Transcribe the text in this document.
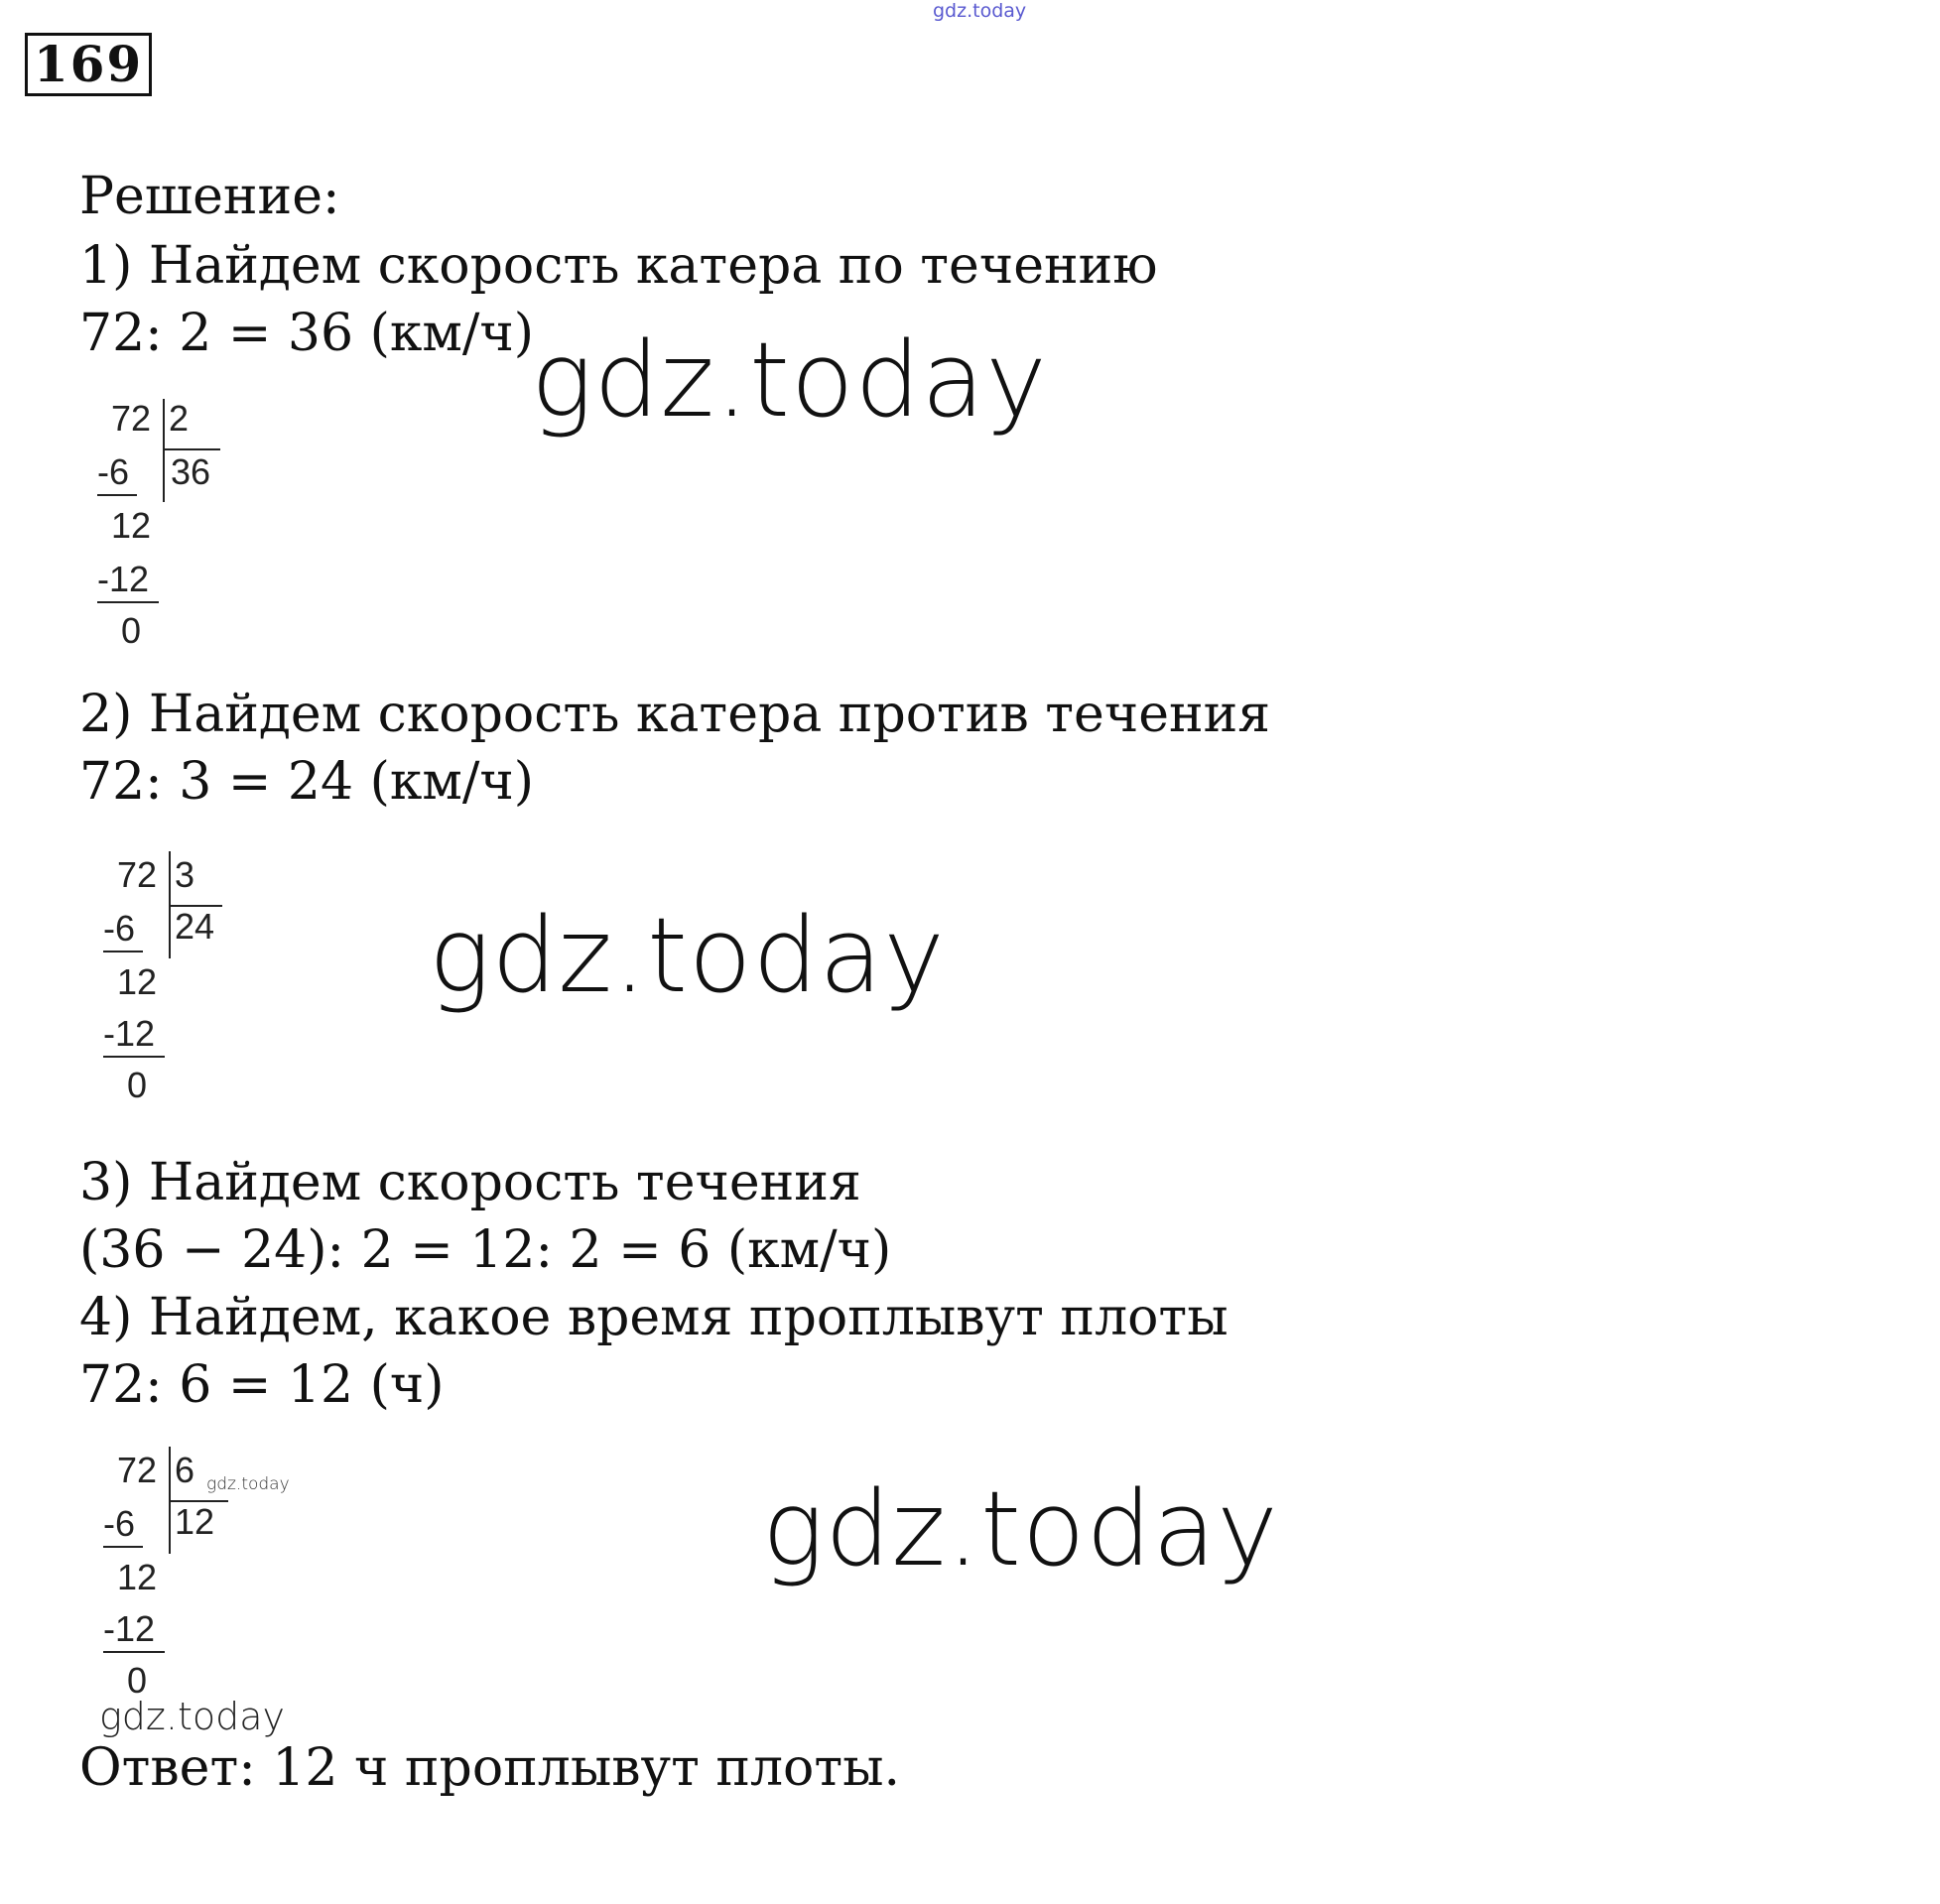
gdz.today
169
Решение:
1) Найдем скорость катера по течению
72: 2 = 36 (км/ч)
gdz.today
72 2
36
-6
12
-12
0
2) Найдем скорость катера против течения
72: 3 = 24 (км/ч)
72 3
24
-6
12
-12
0
gdz.today
3) Найдем скорость течения
(36 − 24): 2 = 12: 2 = 6 (км/ч)
4) Найдем, какое время проплывут плоты
72: 6 = 12 (ч)
72 6
12
-6
12
-12
0
gdz.today	gdz.today
gdz.today
Ответ: 12 ч проплывут плоты.
